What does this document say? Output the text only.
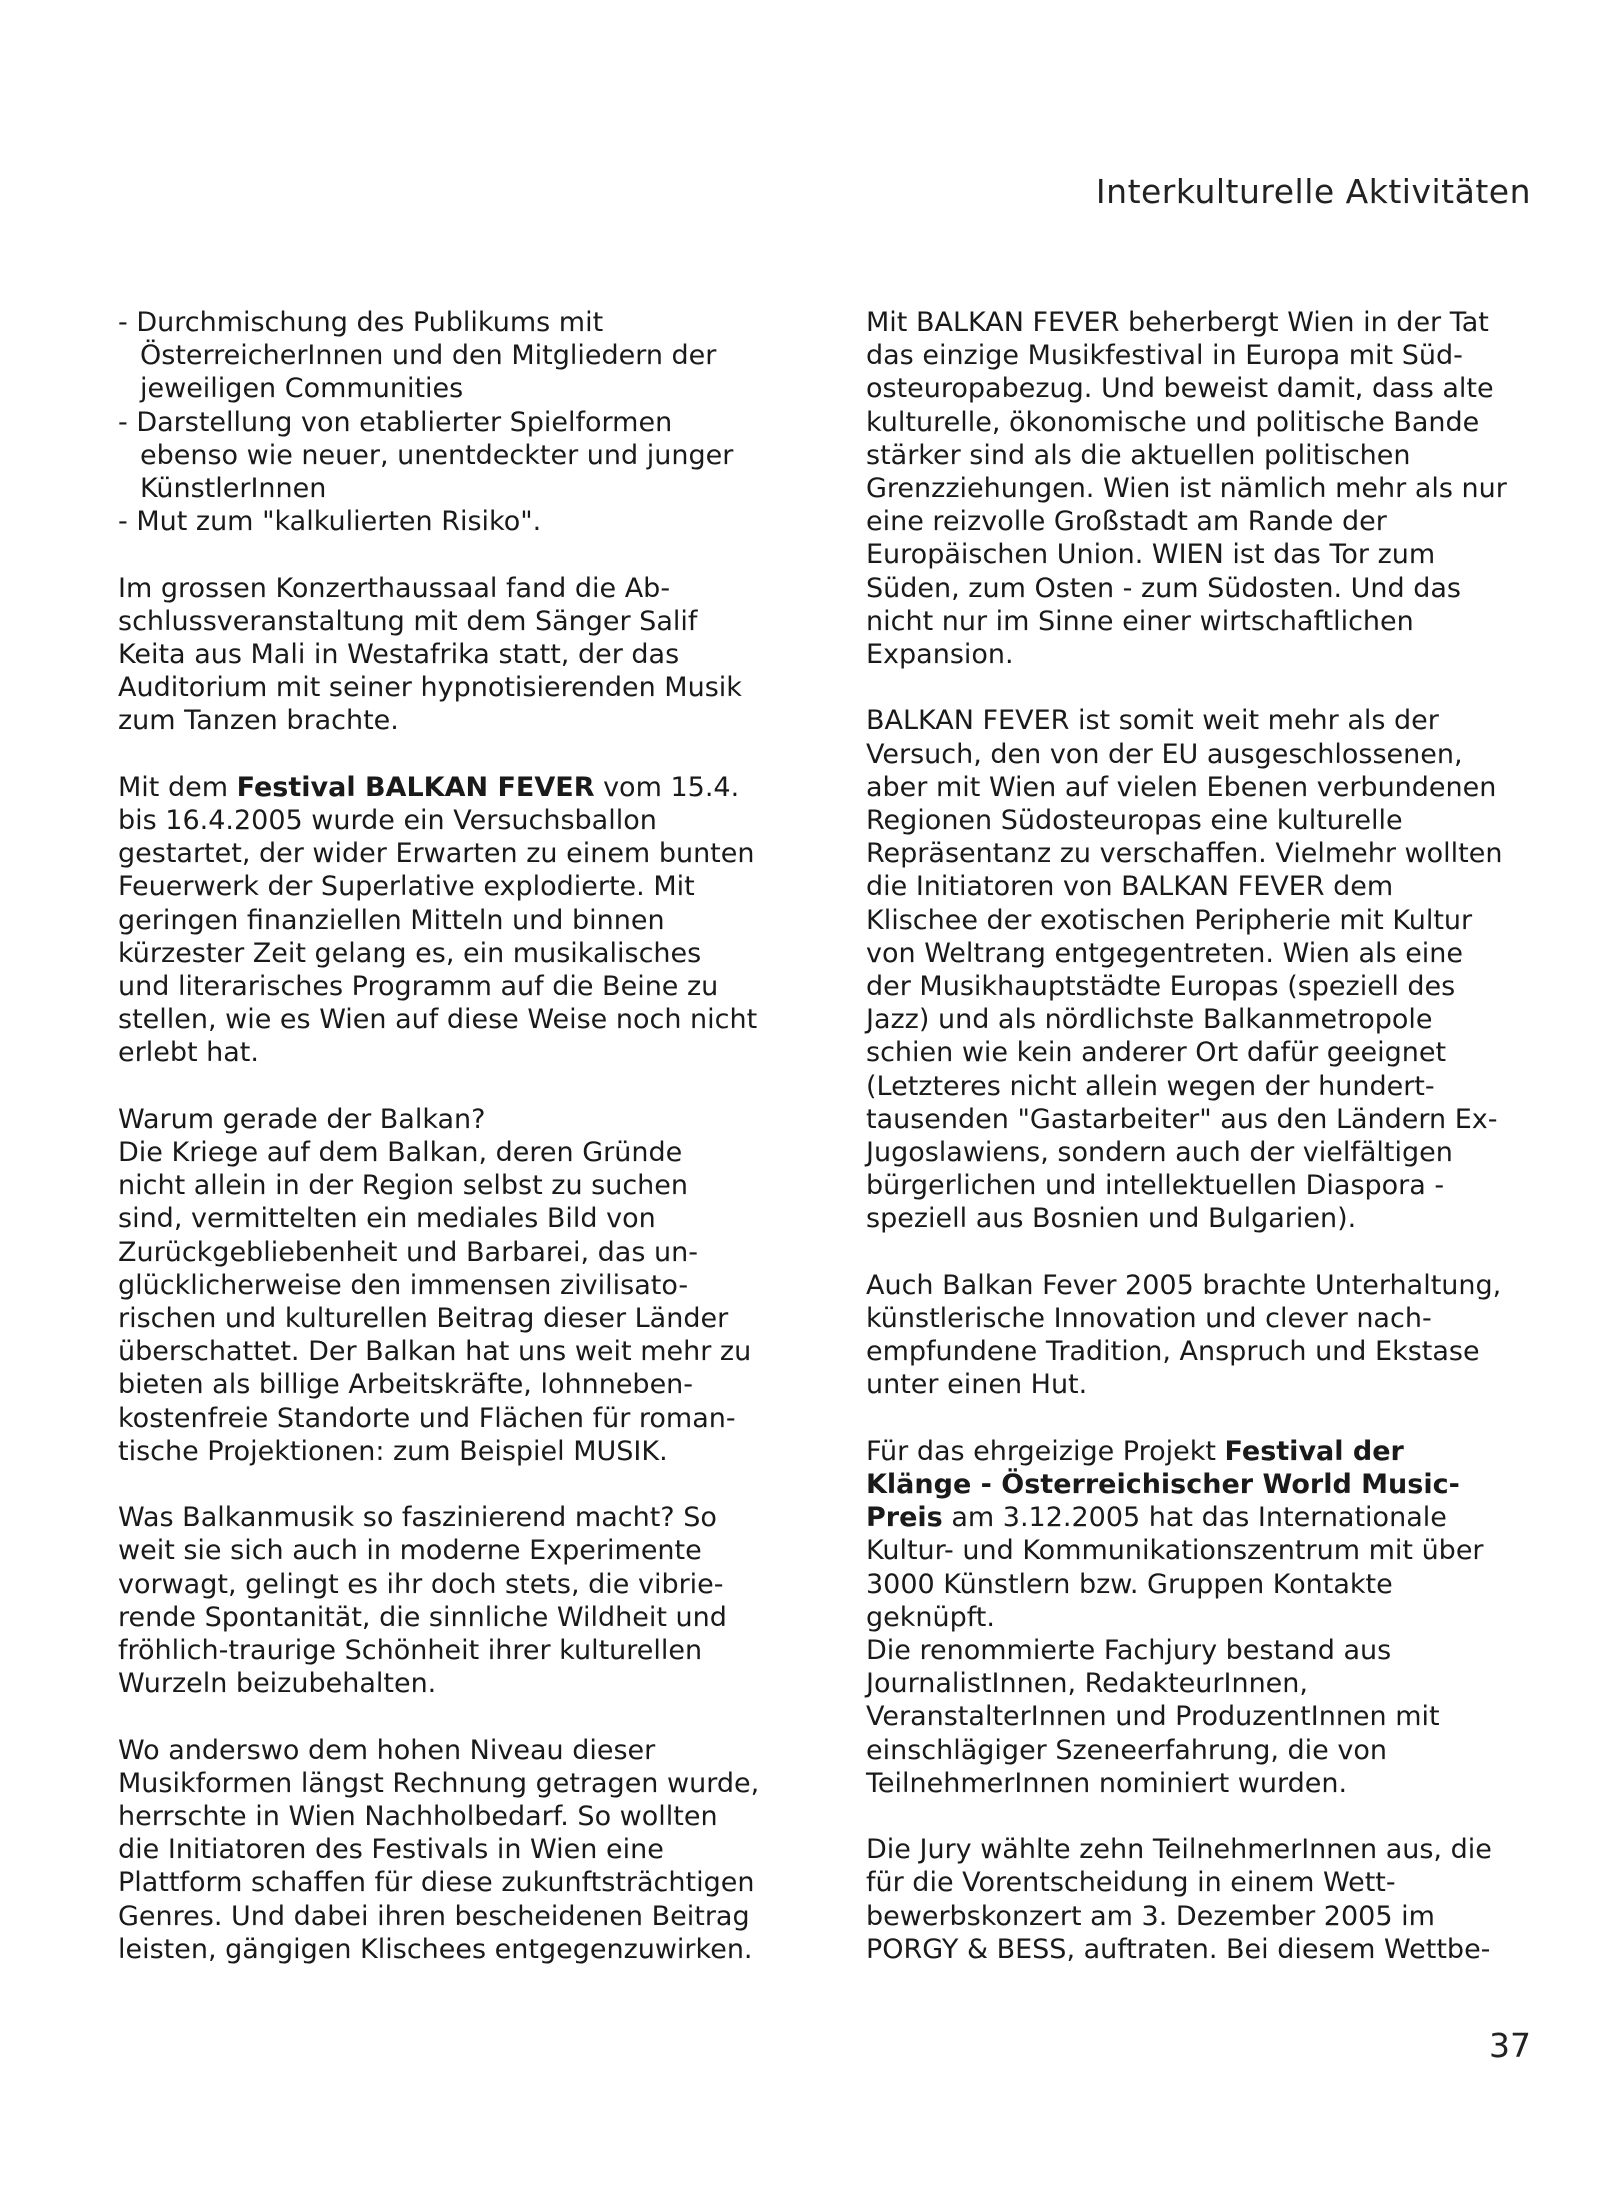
Interkulturelle Aktivitäten

- Durchmischung des Publikums mit
ÖsterreicherInnen und den Mitgliedern der
jeweiligen Communities
- Darstellung von etablierter Spielformen
ebenso wie neuer, unentdeckter und junger
KünstlerInnen
- Mut zum "kalkulierten Risiko".

Im grossen Konzerthaussaal fand die Ab-
schlussveranstaltung mit dem Sänger Salif
Keita aus Mali in Westafrika statt, der das
Auditorium mit seiner hypnotisierenden Musik
zum Tanzen brachte.

Mit dem Festival BALKAN FEVER vom 15.4.
bis 16.4.2005 wurde ein Versuchsballon
gestartet, der wider Erwarten zu einem bunten
Feuerwerk der Superlative explodierte. Mit
geringen finanziellen Mitteln und binnen
kürzester Zeit gelang es, ein musikalisches
und literarisches Programm auf die Beine zu
stellen, wie es Wien auf diese Weise noch nicht
erlebt hat.

Warum gerade der Balkan?
Die Kriege auf dem Balkan, deren Gründe
nicht allein in der Region selbst zu suchen
sind, vermittelten ein mediales Bild von
Zurückgebliebenheit und Barbarei, das un-
glücklicherweise den immensen zivilisato-
rischen und kulturellen Beitrag dieser Länder
überschattet. Der Balkan hat uns weit mehr zu
bieten als billige Arbeitskräfte, lohnneben-
kostenfreie Standorte und Flächen für roman-
tische Projektionen: zum Beispiel MUSIK.

Was Balkanmusik so faszinierend macht? So
weit sie sich auch in moderne Experimente
vorwagt, gelingt es ihr doch stets, die vibrie-
rende Spontanität, die sinnliche Wildheit und
fröhlich-traurige Schönheit ihrer kulturellen
Wurzeln beizubehalten.

Wo anderswo dem hohen Niveau dieser
Musikformen längst Rechnung getragen wurde,
herrschte in Wien Nachholbedarf. So wollten
die Initiatoren des Festivals in Wien eine
Plattform schaffen für diese zukunftsträchtigen
Genres. Und dabei ihren bescheidenen Beitrag
leisten, gängigen Klischees entgegenzuwirken.

Mit BALKAN FEVER beherbergt Wien in der Tat
das einzige Musikfestival in Europa mit Süd-
osteuropabezug. Und beweist damit, dass alte
kulturelle, ökonomische und politische Bande
stärker sind als die aktuellen politischen
Grenzziehungen. Wien ist nämlich mehr als nur
eine reizvolle Großstadt am Rande der
Europäischen Union. WIEN ist das Tor zum
Süden, zum Osten - zum Südosten. Und das
nicht nur im Sinne einer wirtschaftlichen
Expansion.

BALKAN FEVER ist somit weit mehr als der
Versuch, den von der EU ausgeschlossenen,
aber mit Wien auf vielen Ebenen verbundenen
Regionen Südosteuropas eine kulturelle
Repräsentanz zu verschaffen. Vielmehr wollten
die Initiatoren von BALKAN FEVER dem
Klischee der exotischen Peripherie mit Kultur
von Weltrang entgegentreten. Wien als eine
der Musikhauptstädte Europas (speziell des
Jazz) und als nördlichste Balkanmetropole
schien wie kein anderer Ort dafür geeignet
(Letzteres nicht allein wegen der hundert-
tausenden "Gastarbeiter" aus den Ländern Ex-
Jugoslawiens, sondern auch der vielfältigen
bürgerlichen und intellektuellen Diaspora -
speziell aus Bosnien und Bulgarien).

Auch Balkan Fever 2005 brachte Unterhaltung,
künstlerische Innovation und clever nach-
empfundene Tradition, Anspruch und Ekstase
unter einen Hut.

Für das ehrgeizige Projekt Festival der
Klänge - Österreichischer World Music-
Preis am 3.12.2005 hat das Internationale
Kultur- und Kommunikationszentrum mit über
3000 Künstlern bzw. Gruppen Kontakte
geknüpft.
Die renommierte Fachjury bestand aus
JournalistInnen, RedakteurInnen,
VeranstalterInnen und ProduzentInnen mit
einschlägiger Szeneerfahrung, die von
TeilnehmerInnen nominiert wurden.

Die Jury wählte zehn TeilnehmerInnen aus, die
für die Vorentscheidung in einem Wett-
bewerbskonzert am 3. Dezember 2005 im
PORGY & BESS, auftraten. Bei diesem Wettbe-

37
